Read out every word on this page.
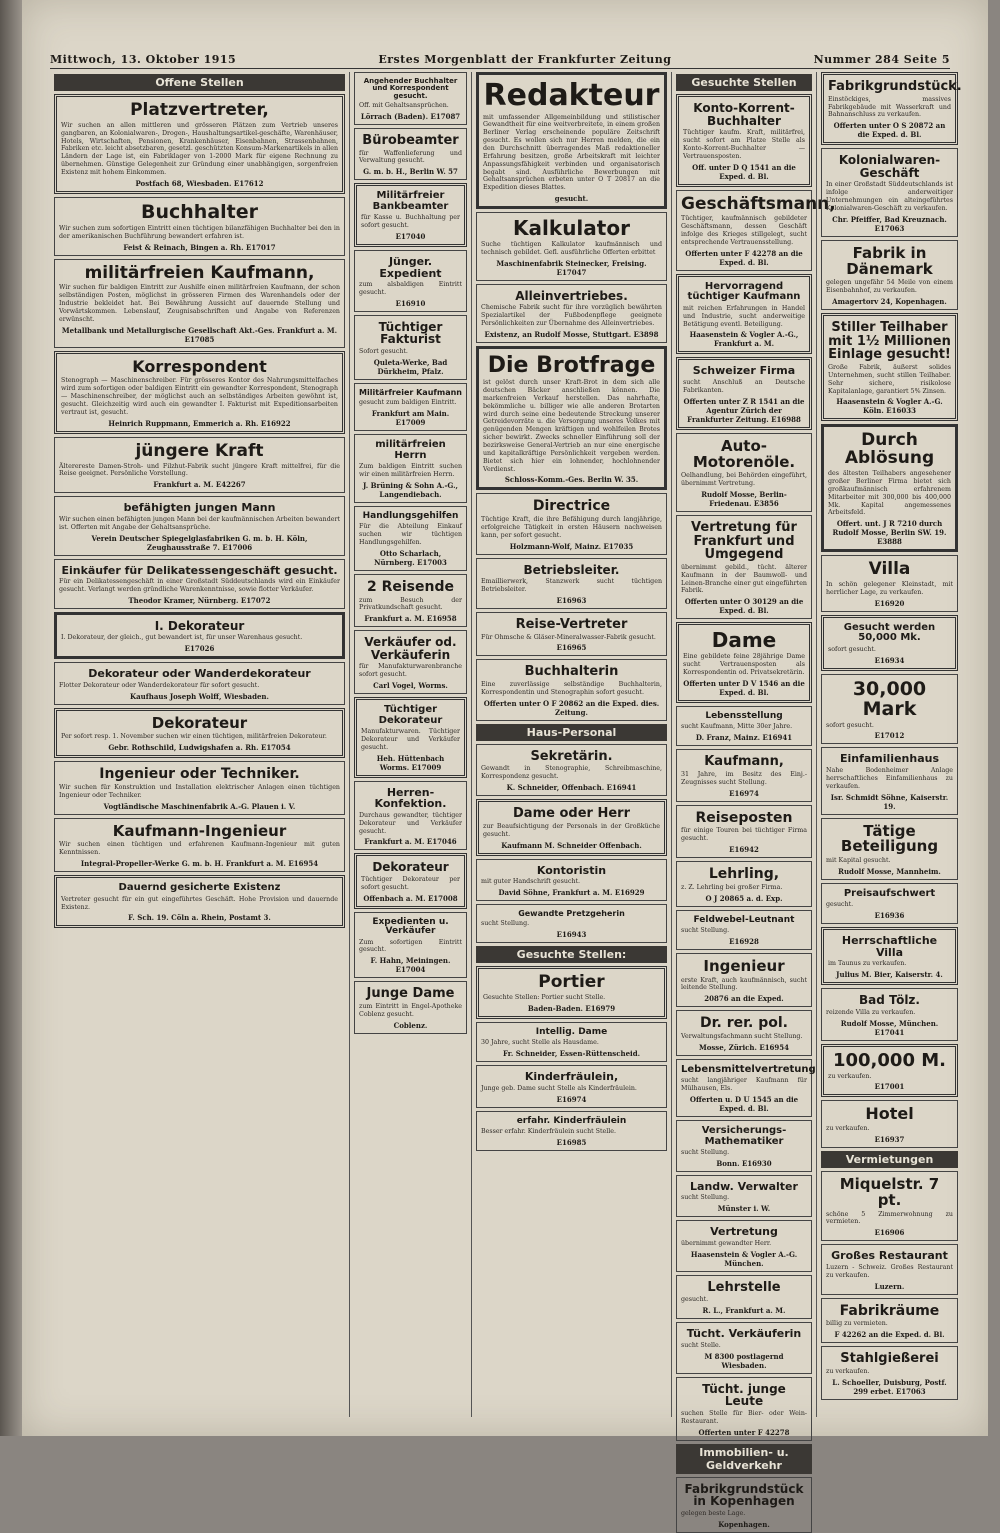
Mittwoch, 13. Oktober 1915	Erstes Morgenblatt der Frankfurter Zeitung	Nummer 284 Seite 5
Offene Stellen
Platzvertreter,
Wir suchen an allen mittleren und grösseren Plätzen zum Vertrieb unseres gangbaren, an Kolonialwaren-, Drogen-, Haushaltungsartikel-geschäfte, Warenhäuser, Hotels, Wirtschaften, Pensionen, Krankenhäuser, Eisenbahnen, Strassenbahnen, Fabriken etc. leicht absetzbaren, gesetzl. geschützten Konsum-Markenartikels in allen Ländern der Lage ist, ein Fabriklager von 1-2000 Mark für eigene Rechnung zu übernehmen. Günstige Gelegenheit zur Gründung einer unabhängigen, sorgenfreien Existenz mit hohem Einkommen.
Postfach 68, Wiesbaden. E17612
Buchhalter
Wir suchen zum sofortigen Eintritt einen tüchtigen bilanzfähigen Buchhalter bei den in der amerikanischen Buchführung bewandert erfahren ist.
Feist & Reinach, Bingen a. Rh. E17017
militärfreien Kaufmann,
Wir suchen für baldigen Eintritt zur Aushilfe einen militärfreien Kaufmann, der schon selbständigen Posten, möglichst in grösseren Firmen des Warenhandels oder der Industrie bekleidet hat. Bei Bewährung Aussicht auf dauernde Stellung und Vorwärtskommen. Lebenslauf, Zeugnisabschriften und Angabe von Referenzen erwünscht.
Metallbank und Metallurgische Gesellschaft Akt.-Ges. Frankfurt a. M. E17085
Korrespondent
Stenograph — Maschinenschreiber. Für grösseres Kontor des Nahrungsmittelfaches wird zum sofortigen oder baldigen Eintritt ein gewandter Korrespondent, Stenograph — Maschinenschreiber, der möglichst auch an selbständiges Arbeiten gewöhnt ist, gesucht. Gleichzeitig wird auch ein gewandter I. Fakturist mit Expeditionsarbeiten vertraut ist, gesucht.
Heinrich Ruppmann, Emmerich a. Rh. E16922
jüngere Kraft
Älterereste Damen-Stroh- und Filzhut-Fabrik sucht jüngere Kraft mittelfrei, für die Reise geeignet. Persönliche Vorstellung.
Frankfurt a. M. E42267
befähigten jungen Mann
Wir suchen einen befähigten jungen Mann bei der kaufmännischen Arbeiten bewandert ist. Offerten mit Angabe der Gehaltsansprüche.
Verein Deutscher Spiegelglasfabriken G. m. b. H. Köln, Zeughausstraße 7. E17006
Einkäufer für Delikatessengeschäft gesucht.
Für ein Delikatessengeschäft in einer Großstadt Süddeutschlands wird ein Einkäufer gesucht. Verlangt werden gründliche Warenkenntnisse, sowie flotter Verkäufer.
Theodor Kramer, Nürnberg. E17072
I. Dekorateur
I. Dekorateur, der gleich., gut bewandert ist, für unser Warenhaus gesucht.
E17026
Dekorateur oder Wanderdekorateur
Flotter Dekorateur oder Wanderdekorateur für sofort gesucht.
Kaufhaus Joseph Wolff, Wiesbaden.
Dekorateur
Per sofort resp. 1. November suchen wir einen tüchtigen, militärfreien Dekorateur.
Gebr. Rothschild, Ludwigshafen a. Rh. E17054
Ingenieur oder Techniker.
Wir suchen für Konstruktion und Installation elektrischer Anlagen einen tüchtigen Ingenieur oder Techniker.
Vogtländische Maschinenfabrik A.-G. Plauen i. V.
Kaufmann-Ingenieur
Wir suchen einen tüchtigen und erfahrenen Kaufmann-Ingenieur mit guten Kenntnissen.
Integral-Propeller-Werke G. m. b. H. Frankfurt a. M. E16954
Dauernd gesicherte Existenz
Vertreter gesucht für ein gut eingeführtes Geschäft. Hohe Provision und dauernde Existenz.
F. Sch. 19. Cöln a. Rhein, Postamt 3.
Angehender Buchhalter und Korrespondent gesucht.
Off. mit Gehaltsansprüchen.
Lörrach (Baden). E17087
Bürobeamter
für Waffenlieferung und Verwaltung gesucht.
G. m. b. H., Berlin W. 57
Militärfreier Bankbeamter
für Kasse u. Buchhaltung per sofort gesucht.
E17040
Jünger. Expedient
zum alsbaldigen Eintritt gesucht.
E16910
Tüchtiger Fakturist
Sofort gesucht.
Quleta-Werke, Bad Dürkheim, Pfalz.
Militärfreier Kaufmann
gesucht zum baldigen Eintritt.
Frankfurt am Main. E17009
militärfreien Herrn
Zum baldigen Eintritt suchen wir einen militärfreien Herrn.
J. Brüning & Sohn A.-G., Langendiebach.
Handlungsgehilfen
Für die Abteilung Einkauf suchen wir tüchtigen Handlungsgehilfen.
Otto Scharlach, Nürnberg. E17003
2 Reisende
zum Besuch der Privatkundschaft gesucht.
Frankfurt a. M. E16958
Verkäufer od. Verkäuferin
für Manufakturwarenbranche sofort gesucht.
Carl Vogel, Worms.
Tüchtiger Dekorateur
Manufakturwaren. Tüchtiger Dekorateur und Verkäufer gesucht.
Heh. Hüttenbach Worms. E17009
Herren-Konfektion.
Durchaus gewandter, tüchtiger Dekorateur und Verkäufer gesucht.
Frankfurt a. M. E17046
Dekorateur
Tüchtiger Dekorateur per sofort gesucht.
Offenbach a. M. E17008
Expedienten u. Verkäufer
Zum sofortigen Eintritt gesucht.
F. Hahn, Meiningen. E17004
Junge Dame
zum Eintritt in Engel-Apotheke Coblenz gesucht.
Coblenz.
Redakteur
mit umfassender Allgemeinbildung und stilistischer Gewandtheit für eine weitverbreitete, in einem großen Berliner Verlag erscheinende populäre Zeitschrift gesucht. Es wollen sich nur Herren melden, die ein den Durchschnitt überragendes Maß redaktioneller Erfahrung besitzen, große Arbeitskraft mit leichter Anpassungsfähigkeit verbinden und organisatorisch begabt sind. Ausführliche Bewerbungen mit Gehaltsansprüchen erbeten unter O T 20817 an die Expedition dieses Blattes.
gesucht.
Kalkulator
Suche tüchtigen Kalkulator kaufmännisch und technisch gebildet. Gefl. ausführliche Offerten erbittet
Maschinenfabrik Steinecker, Freising. E17047
Alleinvertriebes.
Chemische Fabrik sucht für ihre vorzüglich bewährten Spezialartikel der Fußbodenpflege geeignete Persönlichkeiten zur Übernahme des Alleinvertriebes.
Existenz, an Rudolf Mosse, Stuttgart. E3898
Die Brotfrage
ist gelöst durch unser Kraft-Brot in dem sich alle deutschen Bäcker anschließen können. Die markenfreien Verkauf herstellen. Das nahrhafte, bekömmliche u. billiger wie alle anderen Brotarten wird durch seine eine bedeutende Streckung unserer Getreidevorräte u. die Versorgung unseres Volkes mit genügenden Mengen kräftigen und wohlfeilen Brotes sicher bewirkt. Zwecks schneller Einführung soll der bezirksweise General-Vertrieb an nur eine energische und kapitalkräftige Persönlichkeit vergeben werden. Bietet sich hier ein lohnender, hochlohnender Verdienst.
Schloss-Komm.-Ges. Berlin W. 35.
Directrice
Tüchtige Kraft, die ihre Befähigung durch langjährige, erfolgreiche Tätigkeit in ersten Häusern nachweisen kann, per sofort gesucht.
Holzmann-Wolf, Mainz. E17035
Betriebsleiter.
Emaillierwerk, Stanzwerk sucht tüchtigen Betriebsleiter.
E16963
Reise-Vertreter
Für Ohmsche & Gläser-Mineralwasser-Fabrik gesucht.
E16965
Buchhalterin
Eine zuverlässige selbständige Buchhalterin, Korrespondentin und Stenographin sofort gesucht.
Offerten unter O F 20862 an die Exped. dies. Zeitung.
Haus-Personal
Sekretärin.
Gewandt in Stenographie, Schreibmaschine, Korrespondenz gesucht.
K. Schneider, Offenbach. E16941
Dame oder Herr
zur Beaufsichtigung der Personals in der Großküche gesucht.
Kaufmann M. Schneider Offenbach.
Kontoristin
mit guter Handschrift gesucht.
David Söhne, Frankfurt a. M. E16929
Gewandte Pretzgeherin
sucht Stellung.
E16943
Gesuchte Stellen:
Portier
Gesuchte Stellen: Portier sucht Stelle.
Baden-Baden. E16979
Intellig. Dame
30 Jahre, sucht Stelle als Hausdame.
Fr. Schneider, Essen-Rüttenscheid.
Kinderfräulein,
Junge geb. Dame sucht Stelle als Kinderfräulein.
E16974
erfahr. Kinderfräulein
Besser erfahr. Kinderfräulein sucht Stelle.
E16985
Gesuchte Stellen
Konto-Korrent-Buchhalter
Tüchtiger kaufm. Kraft, militärfrei, sucht sofort am Platze Stelle als Konto-Korrent-Buchhalter — Vertrauensposten.
Off. unter D Q 1541 an die Exped. d. Bl.
Geschäftsmann,
Tüchtiger, kaufmännisch gebildeter Geschäftsmann, dessen Geschäft infolge des Krieges stillgelegt, sucht entsprechende Vertrauensstellung.
Offerten unter F 42278 an die Exped. d. Bl.
Hervorragend tüchtiger Kaufmann
mit reichen Erfahrungen in Handel und Industrie, sucht anderweitige Betätigung eventl. Beteiligung.
Haasenstein & Vogler A.-G., Frankfurt a. M.
Schweizer Firma
sucht Anschluß an Deutsche Fabrikanten.
Offerten unter Z R 1541 an die Agentur Zürich der Frankfurter Zeitung. E16988
Auto-Motorenöle.
Oelhandlung, bei Behörden eingeführt, übernimmt Vertretung.
Rudolf Mosse, Berlin-Friedenau. E3856
Vertretung für Frankfurt und Umgegend
übernimmt gebild., tücht. älterer Kaufmann in der Baumwoll- und Leinen-Branche einer gut eingeführten Fabrik.
Offerten unter O 30129 an die Exped. d. Bl.
Dame
Eine gebildete feine 28jährige Dame sucht Vertrauensposten als Korrespondentin od. Privatsekretärin.
Offerten unter D V 1546 an die Exped. d. Bl.
Lebensstellung
sucht Kaufmann, Mitte 30er Jahre.
D. Franz, Mainz. E16941
Kaufmann,
31 Jahre, im Besitz des Einj.-Zeugnisses sucht Stellung.
E16974
Reiseposten
für einige Touren bei tüchtiger Firma gesucht.
E16942
Lehrling,
z. Z. Lehrling bei großer Firma.
O J 20865 a. d. Exp.
Feldwebel-Leutnant
sucht Stellung.
E16928
Ingenieur
erste Kraft, auch kaufmännisch, sucht leitende Stellung.
20876 an die Exped.
Dr. rer. pol.
Verwaltungsfachmann sucht Stellung.
Mosse, Zürich. E16954
Lebensmittelvertretung
sucht langjähriger Kaufmann für Mülhausen, Els.
Offerten u. D U 1545 an die Exped. d. Bl.
Versicherungs-Mathematiker
sucht Stellung.
Bonn. E16930
Landw. Verwalter
sucht Stellung.
Münster i. W.
Vertretung
übernimmt gewandter Herr.
Haasenstein & Vogler A.-G. München.
Lehrstelle
gesucht.
R. L., Frankfurt a. M.
Tücht. Verkäuferin
sucht Stelle.
M 8300 postlagernd Wiesbaden.
Tücht. junge Leute
suchen Stelle für Bier- oder Wein-Restaurant.
Offerten unter F 42278
Immobilien- u. Geldverkehr
Fabrikgrundstück in Kopenhagen
gelegen beste Lage.
Kopenhagen.
Fabrikgrundstück.
Einstöckiges, massives Fabrikgebäude mit Wasserkraft und Bahnanschluss zu verkaufen.
Offerten unter O S 20872 an die Exped. d. Bl.
Kolonialwaren-Geschäft
In einer Großstadt Süddeutschlands ist infolge anderweitiger Unternehmungen ein alteingeführtes Kolonialwaren-Geschäft zu verkaufen.
Chr. Pfeiffer, Bad Kreuznach. E17063
Fabrik in Dänemark
gelegen ungefähr 54 Meile von einem Eisenbahnhof, zu verkaufen.
Amagertorv 24, Kopenhagen.
Stiller Teilhaber mit 1½ Millionen Einlage gesucht!
Große Fabrik, äußerst solides Unternehmen, sucht stillen Teilhaber. Sehr sichere, risikolose Kapitalanlage, garantiert 5% Zinsen.
Haasenstein & Vogler A.-G. Köln. E16033
Durch Ablösung
des ältesten Teilhabers angesehener großer Berliner Firma bietet sich großkaufmännisch erfahrenem Mitarbeiter mit 300,000 bis 400,000 Mk. Kapital angemessenes Arbeitsfeld.
Offert. unt. J R 7210 durch Rudolf Mosse, Berlin SW. 19. E3888
Villa
In schön gelegener Kleinstadt, mit herrlicher Lage, zu verkaufen.
E16920
Gesucht werden 50,000 Mk.
sofort gesucht.
E16934
30,000 Mark
sofort gesucht.
E17012
Einfamilienhaus
Nahe Bodenheimer Anlage herrschaftliches Einfamilienhaus zu verkaufen.
Isr. Schmidt Söhne, Kaiserstr. 19.
Tätige Beteiligung
mit Kapital gesucht.
Rudolf Mosse, Mannheim.
Preisaufschwert
gesucht.
E16936
Herrschaftliche Villa
im Taunus zu verkaufen.
Julius M. Bier, Kaiserstr. 4.
Bad Tölz.
reizende Villa zu verkaufen.
Rudolf Mosse, München. E17041
100,000 M.
zu verkaufen.
E17001
Hotel
zu verkaufen.
E16937
Vermietungen
Miquelstr. 7 pt.
schöne 5 Zimmerwohnung zu vermieten.
E16906
Großes Restaurant
Luzern - Schweiz. Großes Restaurant zu verkaufen.
Luzern.
Fabrikräume
billig zu vermieten.
F 42262 an die Exped. d. Bl.
Stahlgießerei
zu verkaufen.
L. Schoeller, Duisburg, Postf. 299 erbet. E17063
